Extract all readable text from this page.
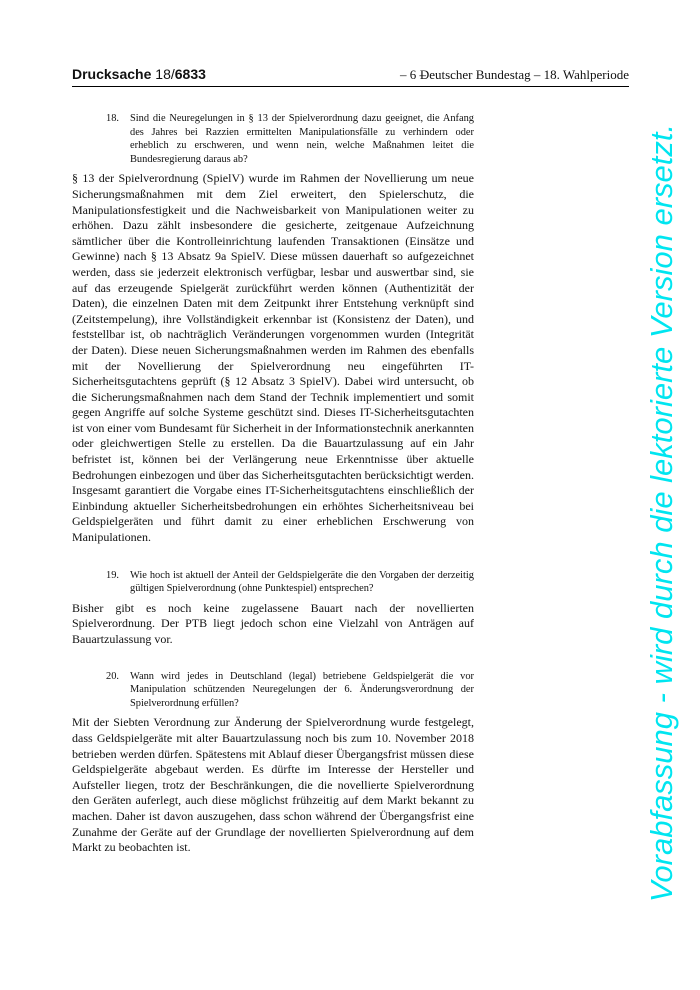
Drucksache 18/6833	– 6 –
Deutscher Bundestag – 18. Wahlperiode
18. Sind die Neuregelungen in § 13 der Spielverordnung dazu geeignet, die Anfang des Jahres bei Razzien ermittelten Manipulationsfälle zu verhindern oder erheblich zu erschweren, und wenn nein, welche Maßnahmen leitet die Bundesregierung daraus ab?

§ 13 der Spielverordnung (SpielV) wurde im Rahmen der Novellierung um neue Sicherungsmaßnahmen mit dem Ziel erweitert, den Spielerschutz, die Manipulationsfestigkeit und die Nachweisbarkeit von Manipulationen weiter zu erhöhen. Dazu zählt insbesondere die gesicherte, zeitgenaue Aufzeichnung sämtlicher über die Kontrolleinrichtung laufenden Transaktionen (Einsätze und Gewinne) nach § 13 Absatz 9a SpielV. Diese müssen dauerhaft so aufgezeichnet werden, dass sie jederzeit elektronisch verfügbar, lesbar und auswertbar sind, sie auf das erzeugende Spielgerät zurückführt werden können (Authentizität der Daten), die einzelnen Daten mit dem Zeitpunkt ihrer Entstehung verknüpft sind (Zeitstempelung), ihre Vollständigkeit erkennbar ist (Konsistenz der Daten), und feststellbar ist, ob nachträglich Veränderungen vorgenommen wurden (Integrität der Daten). Diese neuen Sicherungsmaßnahmen werden im Rahmen des ebenfalls mit der Novellierung der Spielverordnung neu eingeführten IT-Sicherheitsgutachtens geprüft (§ 12 Absatz 3 SpielV). Dabei wird untersucht, ob die Sicherungsmaßnahmen nach dem Stand der Technik implementiert und somit gegen Angriffe auf solche Systeme geschützt sind. Dieses IT-Sicherheitsgutachten ist von einer vom Bundesamt für Sicherheit in der Informationstechnik anerkannten oder gleichwertigen Stelle zu erstellen. Da die Bauartzulassung auf ein Jahr befristet ist, können bei der Verlängerung neue Erkenntnisse über aktuelle Bedrohungen einbezogen und über das Sicherheitsgutachten berücksichtigt werden. Insgesamt garantiert die Vorgabe eines IT-Sicherheitsgutachtens einschließlich der Einbindung aktueller Sicherheitsbedrohungen ein erhöhtes Sicherheitsniveau bei Geldspielgeräten und führt damit zu einer erheblichen Erschwerung von Manipulationen.

19. Wie hoch ist aktuell der Anteil der Geldspielgeräte die den Vorgaben der derzeitig gültigen Spielverordnung (ohne Punktespiel) entsprechen?

Bisher gibt es noch keine zugelassene Bauart nach der novellierten Spielverordnung. Der PTB liegt jedoch schon eine Vielzahl von Anträgen auf Bauartzulassung vor.

20. Wann wird jedes in Deutschland (legal) betriebene Geldspielgerät die vor Manipulation schützenden Neuregelungen der 6. Änderungsverordnung der Spielverordnung erfüllen?

Mit der Siebten Verordnung zur Änderung der Spielverordnung wurde festgelegt, dass Geldspielgeräte mit alter Bauartzulassung noch bis zum 10. November 2018 betrieben werden dürfen. Spätestens mit Ablauf dieser Übergangsfrist müssen diese Geldspielgeräte abgebaut werden. Es dürfte im Interesse der Hersteller und Aufsteller liegen, trotz der Beschränkungen, die die novellierte Spielverordnung den Geräten auferlegt, auch diese möglichst frühzeitig auf dem Markt bekannt zu machen. Daher ist davon auszugehen, dass schon während der Übergangsfrist eine Zunahme der Geräte auf der Grundlage der novellierten Spielverordnung auf dem Markt zu beobachten ist.	Vorabfassung - wird durch die lektorierte Version ersetzt.
